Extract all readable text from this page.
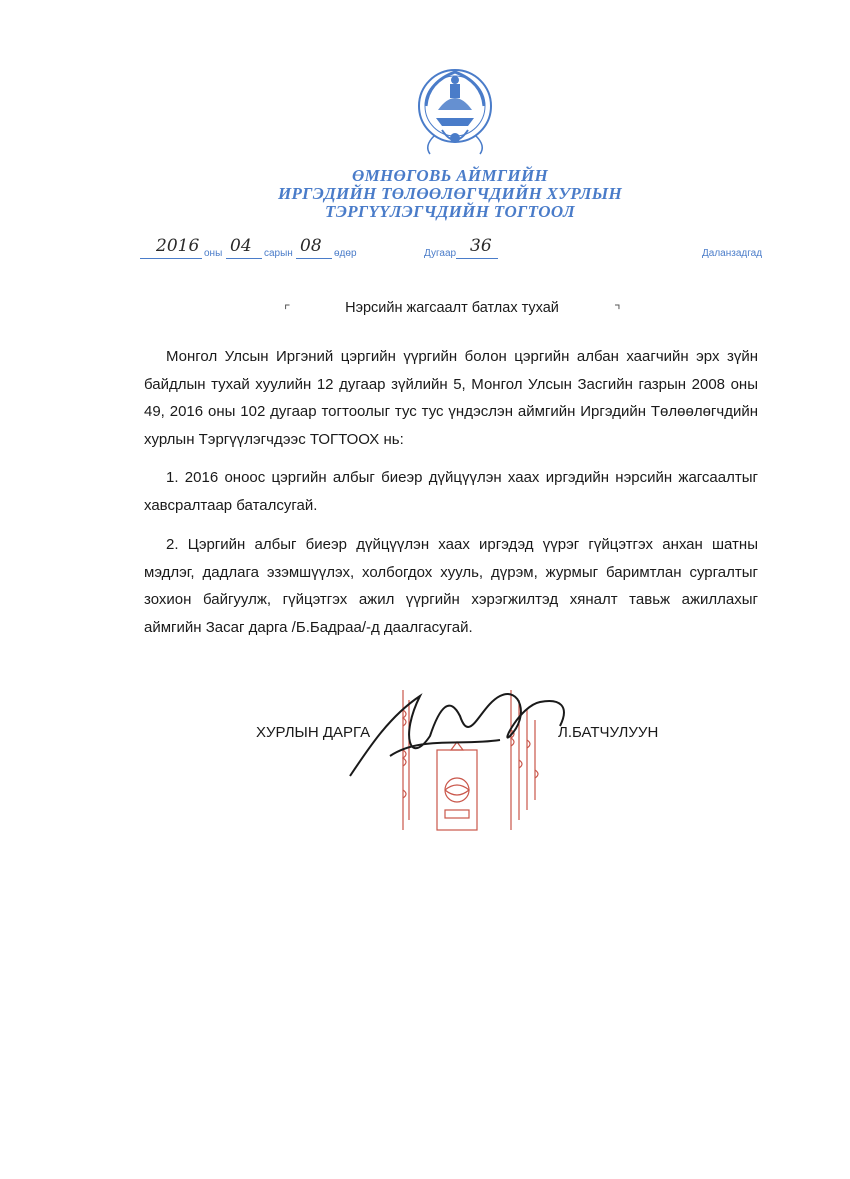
ӨМНӨГОВЬ АЙМГИЙН
ИРГЭДИЙН ТӨЛӨӨЛӨГЧДИЙН ХУРЛЫН
ТЭРГҮҮЛЭГЧДИЙН ТОГТООЛ
2016 оны 04 сарын 08 өдөр	Дугаар 36	Даланзадгад
⌜	Нэрсийн жагсаалт батлах тухай	⌝
Монгол Улсын Иргэний цэргийн үүргийн болон цэргийн албан хаагчийн эрх зүйн байдлын тухай хуулийн 12 дугаар зүйлийн 5, Монгол Улсын Засгийн газрын 2008 оны 49, 2016 оны 102 дугаар тогтоолыг тус тус үндэслэн аймгийн Иргэдийн Төлөөлөгчдийн хурлын Тэргүүлэгчдээс ТОГТООХ нь:
1. 2016 оноос цэргийн албыг биеэр дүйцүүлэн хаах иргэдийн нэрсийн жагсаалтыг хавсралтаар баталсугай.
2. Цэргийн албыг биеэр дүйцүүлэн хаах иргэдэд үүрэг гүйцэтгэх анхан шатны мэдлэг, дадлага эзэмшүүлэх, холбогдох хууль, дүрэм, журмыг баримтлан сургалтыг зохион байгуулж, гүйцэтгэх ажил үүргийн хэрэгжилтэд хяналт тавьж ажиллахыг аймгийн Засаг дарга /Б.Бадраа/-д даалгасугай.
ХУРЛЫН ДАРГА	Л.БАТЧУЛУУН
